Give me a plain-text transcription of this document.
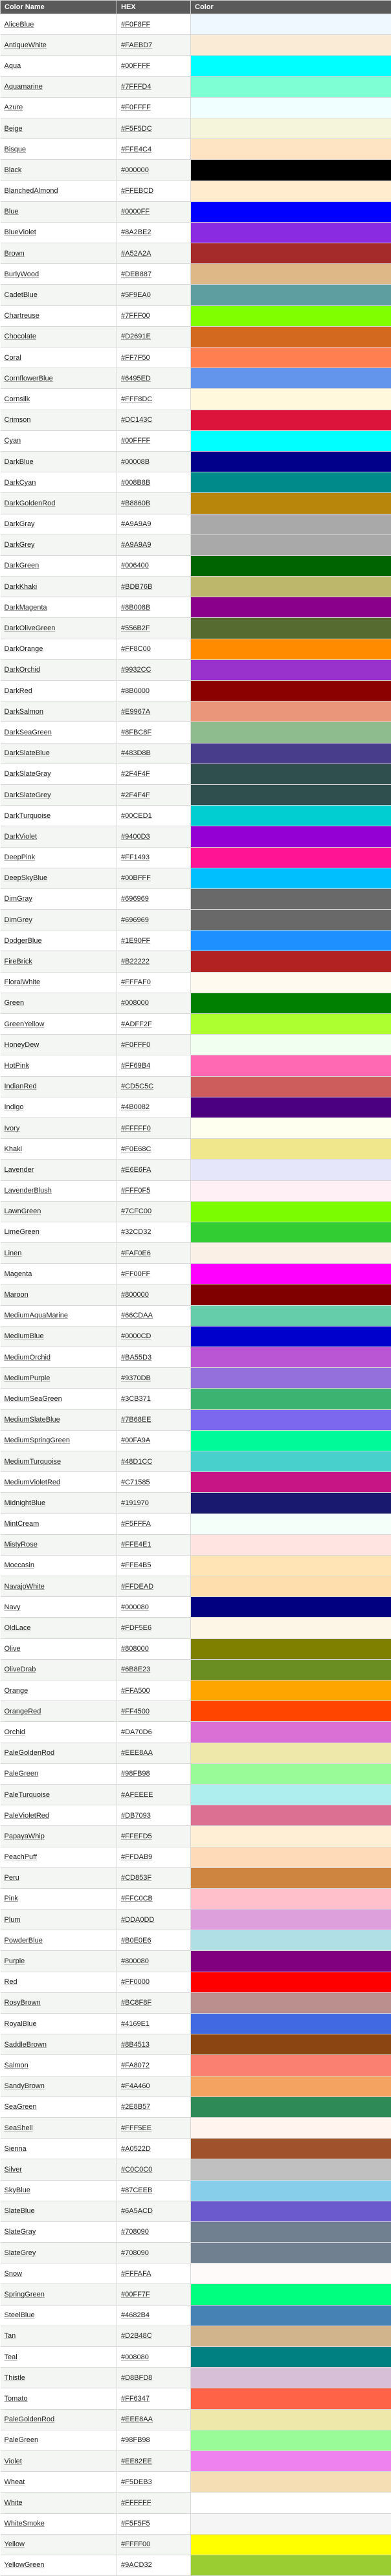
Color Name	HEX	Color
AliceBlue	#F0F8FF	
AntiqueWhite	#FAEBD7	
Aqua	#00FFFF	
Aquamarine	#7FFFD4	
Azure	#F0FFFF	
Beige	#F5F5DC	
Bisque	#FFE4C4	
Black	#000000	
BlanchedAlmond	#FFEBCD	
Blue	#0000FF	
BlueViolet	#8A2BE2	
Brown	#A52A2A	
BurlyWood	#DEB887	
CadetBlue	#5F9EA0	
Chartreuse	#7FFF00	
Chocolate	#D2691E	
Coral	#FF7F50	
CornflowerBlue	#6495ED	
Cornsilk	#FFF8DC	
Crimson	#DC143C	
Cyan	#00FFFF	
DarkBlue	#00008B	
DarkCyan	#008B8B	
DarkGoldenRod	#B8860B	
DarkGray	#A9A9A9	
DarkGrey	#A9A9A9	
DarkGreen	#006400	
DarkKhaki	#BDB76B	
DarkMagenta	#8B008B	
DarkOliveGreen	#556B2F	
DarkOrange	#FF8C00	
DarkOrchid	#9932CC	
DarkRed	#8B0000	
DarkSalmon	#E9967A	
DarkSeaGreen	#8FBC8F	
DarkSlateBlue	#483D8B	
DarkSlateGray	#2F4F4F	
DarkSlateGrey	#2F4F4F	
DarkTurquoise	#00CED1	
DarkViolet	#9400D3	
DeepPink	#FF1493	
DeepSkyBlue	#00BFFF	
DimGray	#696969	
DimGrey	#696969	
DodgerBlue	#1E90FF	
FireBrick	#B22222	
FloralWhite	#FFFAF0	
Green	#008000	
GreenYellow	#ADFF2F	
HoneyDew	#F0FFF0	
HotPink	#FF69B4	
IndianRed	#CD5C5C	
Indigo	#4B0082	
Ivory	#FFFFF0	
Khaki	#F0E68C	
Lavender	#E6E6FA	
LavenderBlush	#FFF0F5	
LawnGreen	#7CFC00	
LimeGreen	#32CD32	
Linen	#FAF0E6	
Magenta	#FF00FF	
Maroon	#800000	
MediumAquaMarine	#66CDAA	
MediumBlue	#0000CD	
MediumOrchid	#BA55D3	
MediumPurple	#9370DB	
MediumSeaGreen	#3CB371	
MediumSlateBlue	#7B68EE	
MediumSpringGreen	#00FA9A	
MediumTurquoise	#48D1CC	
MediumVioletRed	#C71585	
MidnightBlue	#191970	
MintCream	#F5FFFA	
MistyRose	#FFE4E1	
Moccasin	#FFE4B5	
NavajoWhite	#FFDEAD	
Navy	#000080	
OldLace	#FDF5E6	
Olive	#808000	
OliveDrab	#6B8E23	
Orange	#FFA500	
OrangeRed	#FF4500	
Orchid	#DA70D6	
PaleGoldenRod	#EEE8AA	
PaleGreen	#98FB98	
PaleTurquoise	#AFEEEE	
PaleVioletRed	#DB7093	
PapayaWhip	#FFEFD5	
PeachPuff	#FFDAB9	
Peru	#CD853F	
Pink	#FFC0CB	
Plum	#DDA0DD	
PowderBlue	#B0E0E6	
Purple	#800080	
Red	#FF0000	
RosyBrown	#BC8F8F	
RoyalBlue	#4169E1	
SaddleBrown	#8B4513	
Salmon	#FA8072	
SandyBrown	#F4A460	
SeaGreen	#2E8B57	
SeaShell	#FFF5EE	
Sienna	#A0522D	
Silver	#C0C0C0	
SkyBlue	#87CEEB	
SlateBlue	#6A5ACD	
SlateGray	#708090	
SlateGrey	#708090	
Snow	#FFFAFA	
SpringGreen	#00FF7F	
SteelBlue	#4682B4	
Tan	#D2B48C	
Teal	#008080	
Thistle	#D8BFD8	
Tomato	#FF6347	
PaleGoldenRod	#EEE8AA	
PaleGreen	#98FB98	
Violet	#EE82EE	
Wheat	#F5DEB3	
White	#FFFFFF	
WhiteSmoke	#F5F5F5	
Yellow	#FFFF00	
YellowGreen	#9ACD32	
